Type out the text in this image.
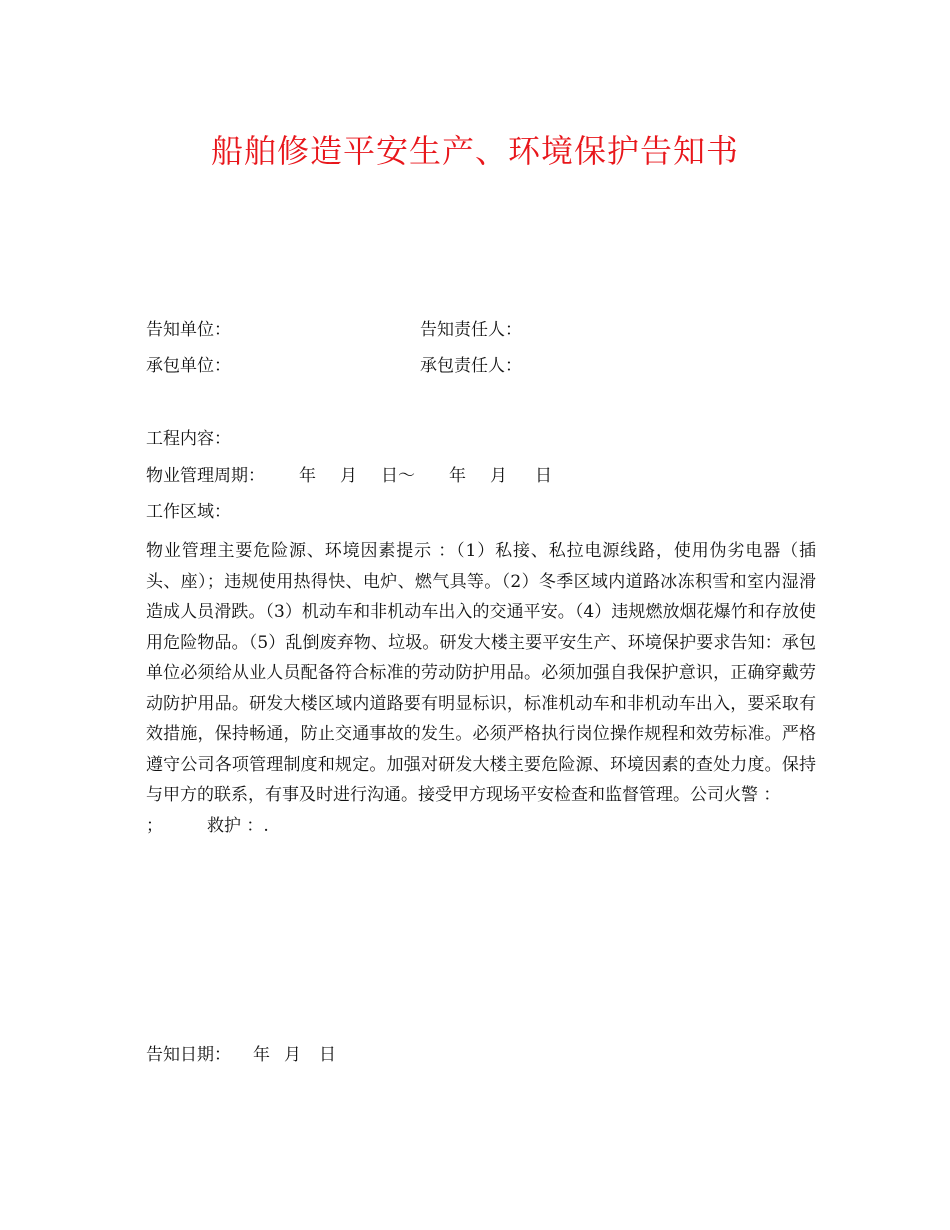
船舶修造平安生产、环境保护告知书
告知单位：	告知责任人：
承包单位：	承包责任人：
工程内容：
物业管理周期： 年 月 日～ 年 月 日
工作区域：

物业管理主要危险源、环境因素提示 ：（1）私接、私拉电源线路，使用伪劣电器（插头、座）；违规使用热得快、电炉、燃气具等。（2）冬季区域内道路冰冻积雪和室内湿滑造成人员滑跌。（3）机动车和非机动车出入的交通平安。（4）违规燃放烟花爆竹和存放使用危险物品。（5）乱倒废弃物、垃圾。研发大楼主要平安生产、环境保护要求告知：承包单位必须给从业人员配备符合标准的劳动防护用品。必须加强自我保护意识，正确穿戴劳动防护用品。研发大楼区域内道路要有明显标识，标准机动车和非机动车出入，要采取有效措施，保持畅通，防止交通事故的发生。必须严格执行岗位操作规程和效劳标准。严格遵守公司各项管理制度和规定。加强对研发大楼主要危险源、环境因素的查处力度。保持与甲方的联系，有事及时进行沟通。接受甲方现场平安检查和监督管理。公司火警 ：
；	救护 ：.

告知日期： 年 月 日
